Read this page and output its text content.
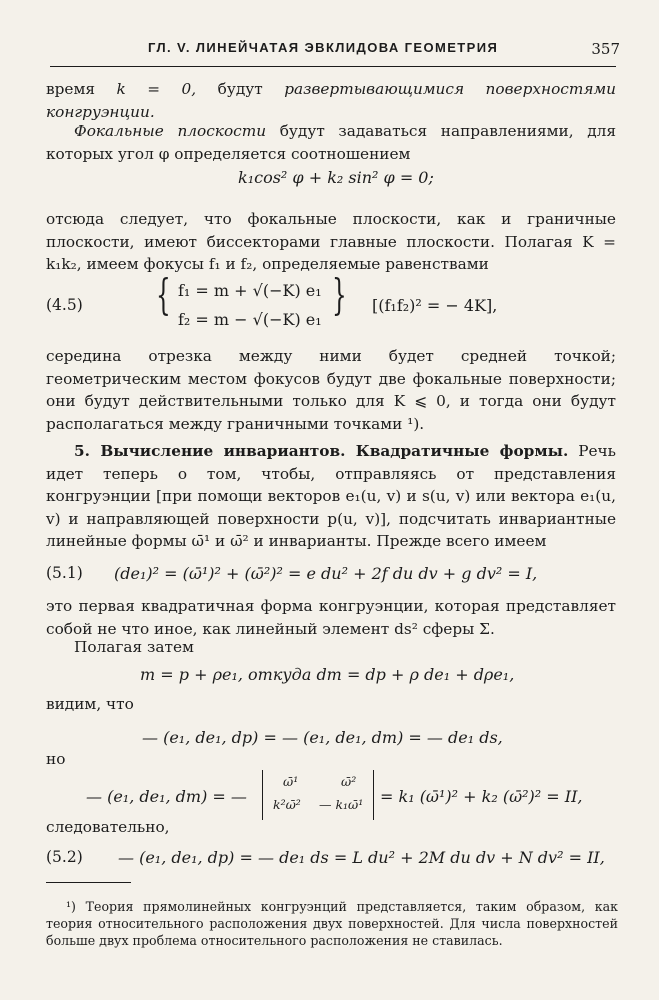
ГЛ. V. ЛИНЕЙЧАТАЯ ЭВКЛИДОВА ГЕОМЕТРИЯ	357
время k = 0, будут развертывающимися поверхностями конгруэнции.
Фокальные плоскости будут задаваться направлениями, для которых угол φ определяется соотношением
k₁cos² φ + k₂ sin² φ = 0;
отсюда следует, что фокальные плоскости, как и граничные плоскости, имеют биссекторами главные плоскости. Полагая K = k₁k₂, имеем фокусы f₁ и f₂, определяемые равенствами
(4.5) { f₁ = m + √(−K) e₁
f₂ = m − √(−K) e₁
} [(f₁f₂)² = − 4K],
середина отрезка между ними будет средней точкой; геометрическим местом фокусов будут две фокальные поверхности; они будут действительными только для K ⩽ 0, и тогда они будут располагаться между граничными точками ¹).
5. Вычисление инвариантов. Квадратичные формы. Речь идет теперь о том, чтобы, отправляясь от представления конгруэнции [при помощи векторов e₁(u, v) и s(u, v) или вектора e₁(u, v) и направляющей поверхности p(u, v)], подсчитать инвариантные линейные формы ω̄¹ и ω̄² и инварианты. Прежде всего имеем
(5.1) (de₁)² = (ω̄¹)² + (ω̄²)² = e du² + 2f du dv + g dv² = I,
это первая квадратичная форма конгруэнции, которая представляет собой не что иное, как линейный элемент ds² сферы Σ.
Полагая затем
m = p + ρe₁, откуда dm = dp + ρ de₁ + dρe₁,
видим, что
— (e₁, de₁, dp) = — (e₁, de₁, dm) = — de₁ ds,
но
— (e₁, de₁, dm) = —
ω̄¹	ω̄²
k²ω̄² — k₁ω̄¹ = k₁ (ω̄¹)² + k₂ (ω̄²)² = II,
следовательно,
(5.2) — (e₁, de₁, dp) = — de₁ ds = L du² + 2M du dv + N dv² = II,
¹) Теория прямолинейных конгруэнций представляется, таким образом, как теория относительного расположения двух поверхностей. Для числа поверхностей больше двух проблема относительного расположения не ставилась.
